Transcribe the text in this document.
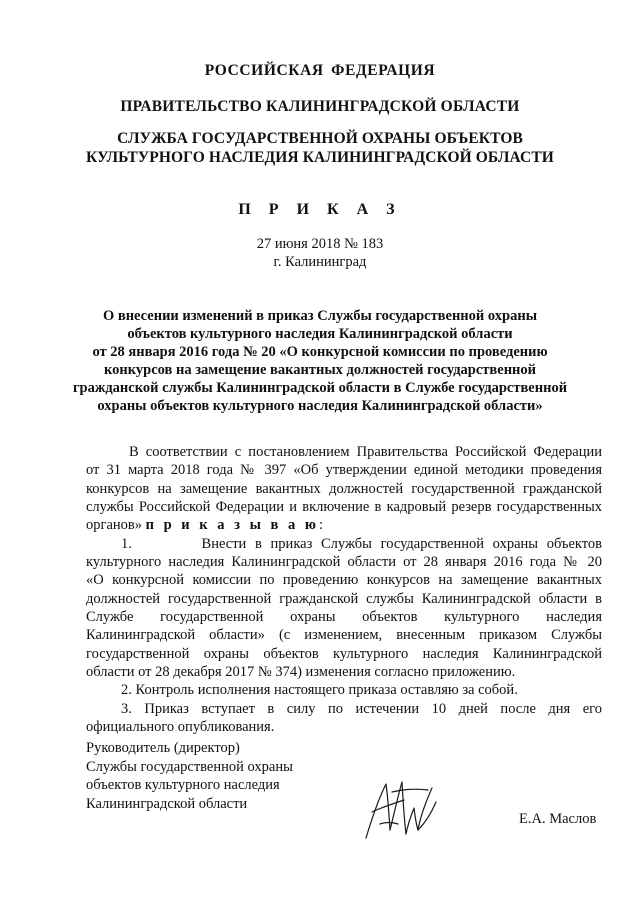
РОССИЙСКАЯ ФЕДЕРАЦИЯ
ПРАВИТЕЛЬСТВО КАЛИНИНГРАДСКОЙ ОБЛАСТИ
СЛУЖБА ГОСУДАРСТВЕННОЙ ОХРАНЫ ОБЪЕКТОВ
КУЛЬТУРНОГО НАСЛЕДИЯ КАЛИНИНГРАДСКОЙ ОБЛАСТИ
П Р И К А З
27 июня 2018 № 183
г. Калининград
О внесении изменений в приказ Службы государственной охраны
объектов культурного наследия Калининградской области
от 28 января 2016 года № 20 «О конкурсной комиссии по проведению
конкурсов на замещение вакантных должностей государственной
гражданской службы Калининградской области в Службе государственной
охраны объектов культурного наследия Калининградской области»
В соответствии с постановлением Правительства Российской Федерации
от 31 марта 2018 года № 397 «Об утверждении единой методики проведения
конкурсов на замещение вакантных должностей государственной гражданской
службы Российской Федерации и включение в кадровый резерв государственных
органов» п р и к а з ы в а ю:
1.	Внести в приказ Службы государственной охраны объектов
культурного наследия Калининградской области от 28 января 2016 года № 20
«О конкурсной комиссии по проведению конкурсов на замещение вакантных
должностей государственной гражданской службы Калининградской области в
Службе государственной охраны объектов культурного наследия
Калининградской области» (с изменением, внесенным приказом Службы
государственной охраны объектов культурного наследия Калининградской
области от 28 декабря 2017 № 374) изменения согласно приложению.
2. Контроль исполнения настоящего приказа оставляю за собой.
3. Приказ вступает в силу по истечении 10 дней после дня его
официального опубликования.
Руководитель (директор)
Службы государственной охраны
объектов культурного наследия
Калининградской области
Е.А. Маслов
